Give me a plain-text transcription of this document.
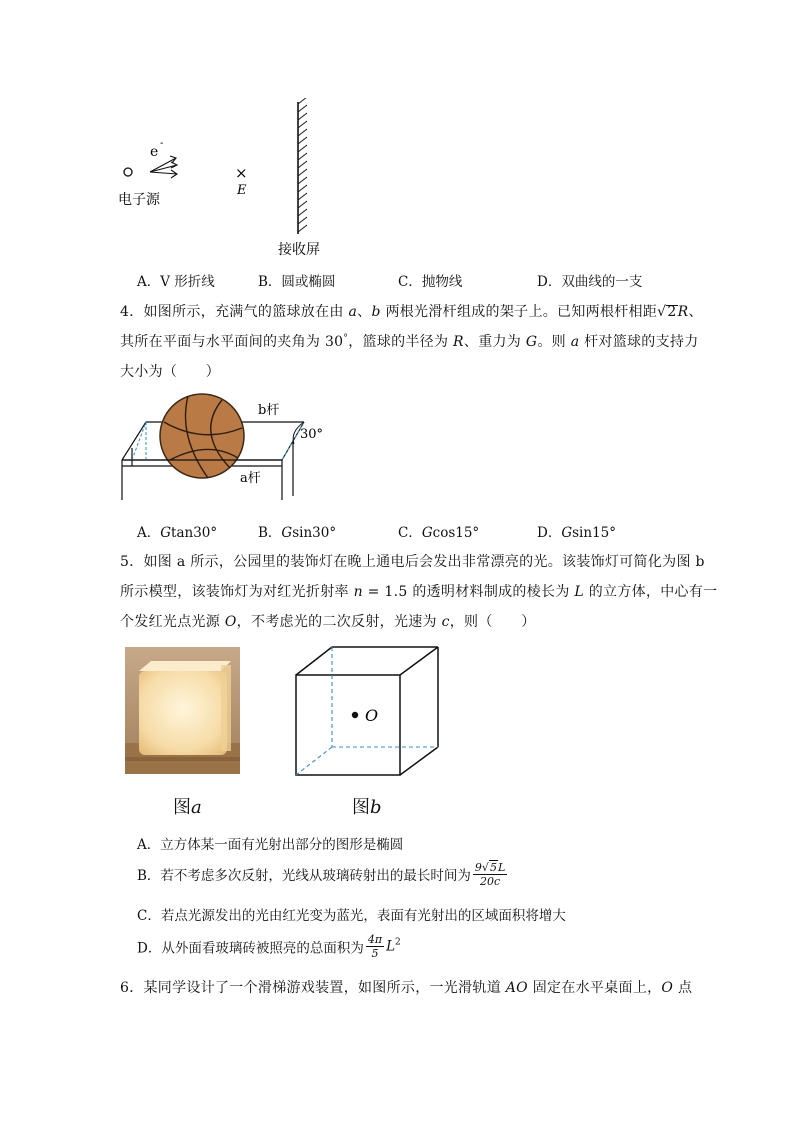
e
-
电子源
×
E
接收屏
A．V 形折线	B．圆或椭圆	C．抛物线	D．双曲线的一支
4．如图所示，充满气的篮球放在由 a、b 两根光滑杆组成的架子上。已知两根杆相距√2R、
其所在平面与水平面间的夹角为 30°，篮球的半径为 R、重力为 G。则 a 杆对篮球的支持力
大小为（　　）
b杆
a杆
30°
A．Gtan30°	B．Gsin30°	C．Gcos15°	D．Gsin15°
5．如图 a 所示，公园里的装饰灯在晚上通电后会发出非常漂亮的光。该装饰灯可简化为图 b
所示模型，该装饰灯为对红光折射率 n = 1.5 的透明材料制成的棱长为 L 的立方体，中心有一
个发红光点光源 O，不考虑光的二次反射，光速为 c，则（　　）
O
图a	图b
A．立方体某一面有光射出部分的图形是椭圆
B．若不考虑多次反射，光线从玻璃砖射出的最长时间为 $\frac{9√5L}{20c}$
C．若点光源发出的光由红光变为蓝光，表面有光射出的区域面积将增大
D．从外面看玻璃砖被照亮的总面积为 $\frac{4\pi}{5} L^2$
6．某同学设计了一个滑梯游戏装置，如图所示，一光滑轨道 AO 固定在水平桌面上，O 点
